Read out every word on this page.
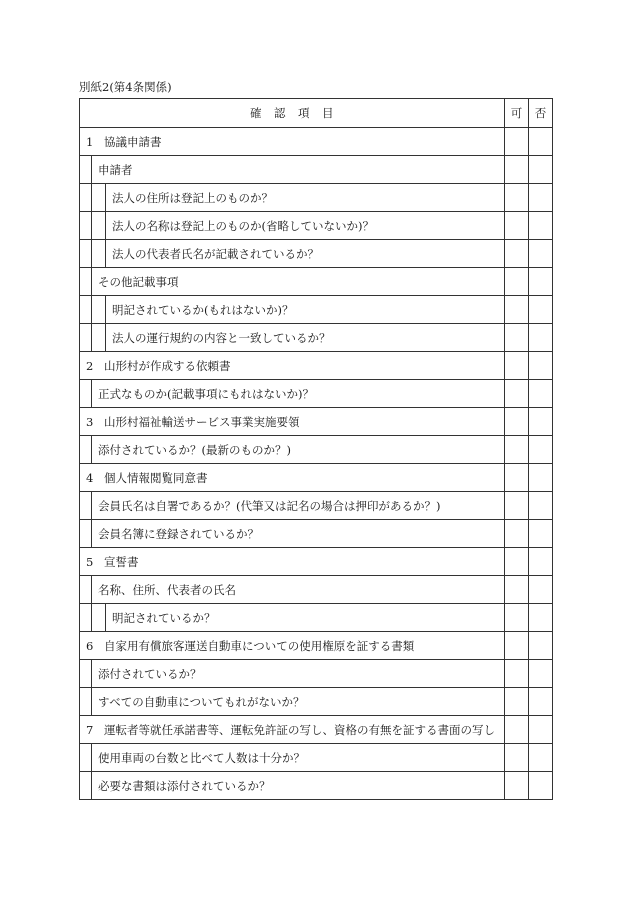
別紙2(第4条関係)
確　認　項　目	可	否

1 協議申請書		

申請者		

法人の住所は登記上のものか？		

法人の名称は登記上のものか(省略していないか)？		

法人の代表者氏名が記載されているか？		

その他記載事項		

明記されているか(もれはないか)？		

法人の運行規約の内容と一致しているか？		

2 山形村が作成する依頼書		

正式なものか(記載事項にもれはないか)？		

3 山形村福祉輸送サービス事業実施要領		

添付されているか？(最新のものか？)		

4 個人情報閲覧同意書		

会員氏名は自署であるか？(代筆又は記名の場合は押印があるか？)		

会員名簿に登録されているか？		

5 宣誓書		

名称、住所、代表者の氏名		

明記されているか？		

6 自家用有償旅客運送自動車についての使用権原を証する書類		

添付されているか？		

すべての自動車についてもれがないか？		

7 運転者等就任承諾書等、運転免許証の写し、資格の有無を証する書面の写し		

使用車両の台数と比べて人数は十分か？		

必要な書類は添付されているか？		
